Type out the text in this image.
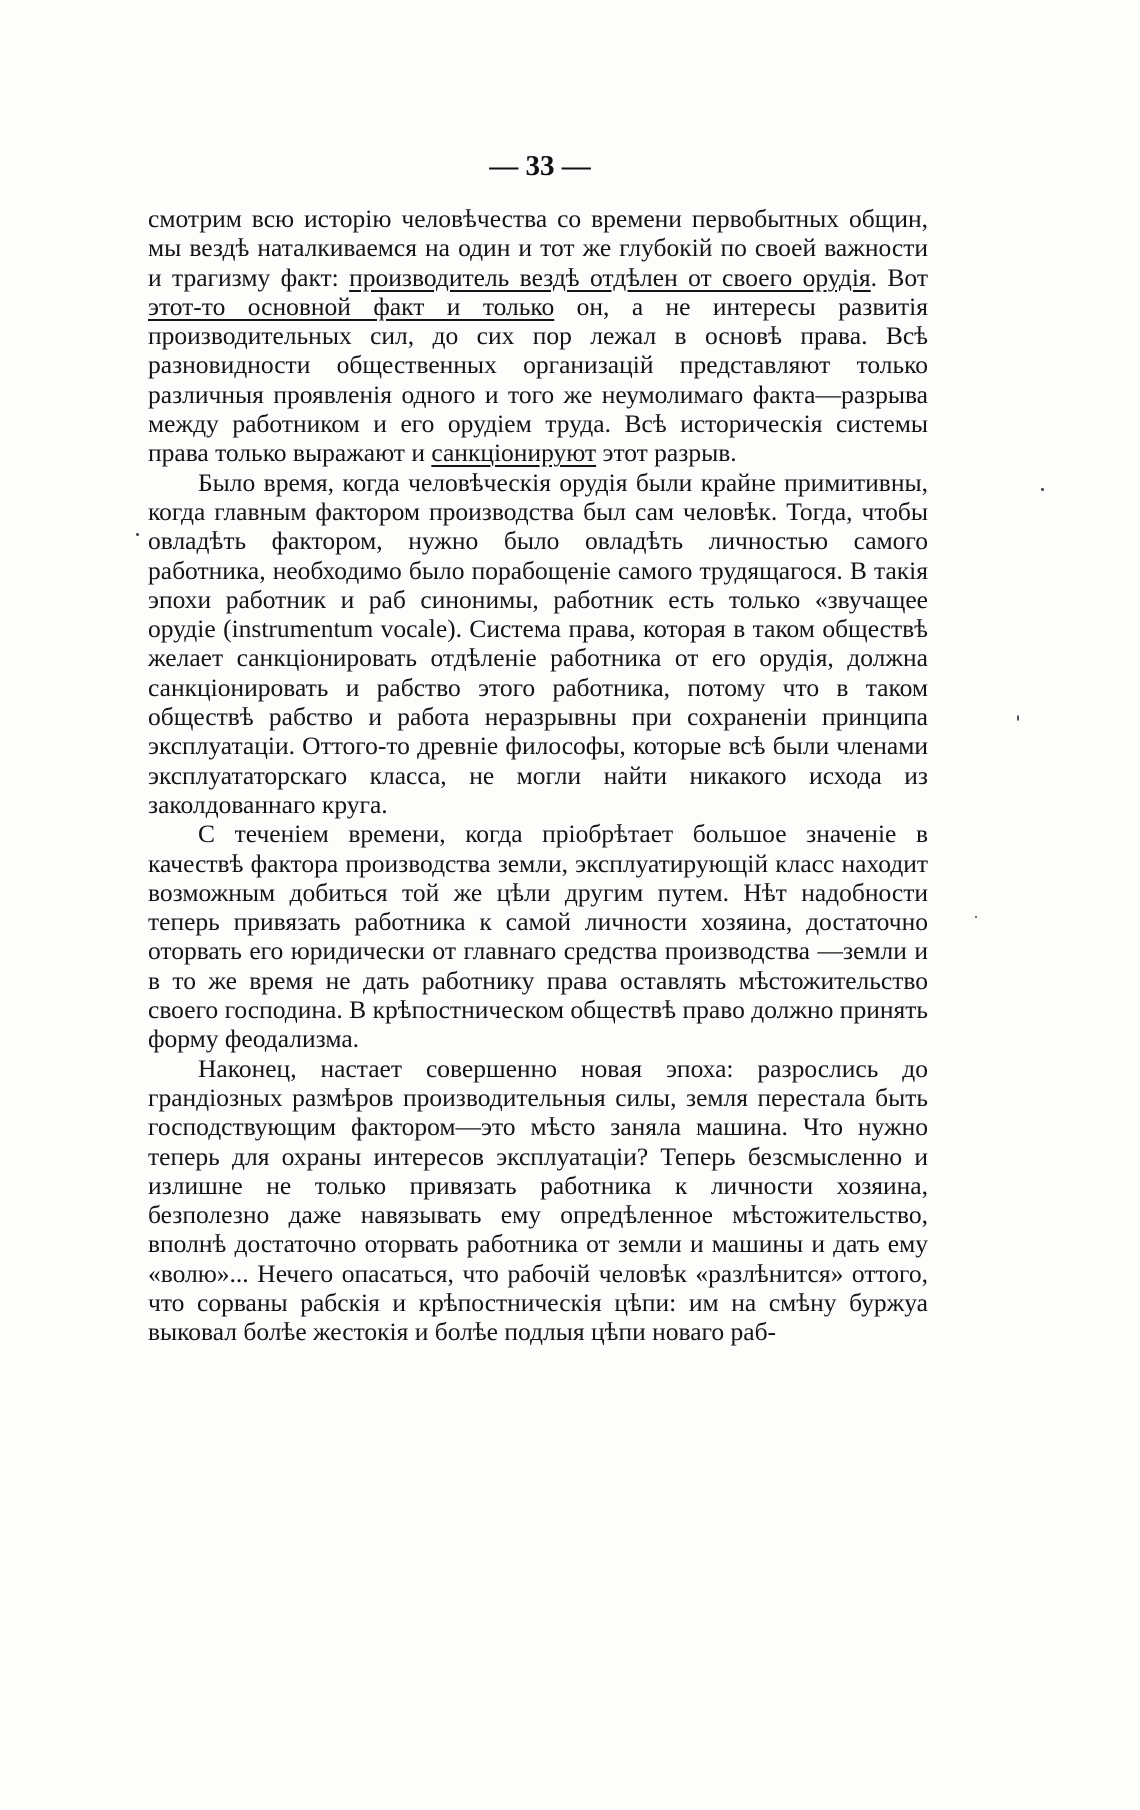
— 33 —

смотрим всю исторію человѣчества со времени первобытных общин, мы вездѣ наталкиваемся на один и тот же глубокій по своей важности и трагизму факт: производитель вездѣ отдѣлен от своего орудія. Вот этот-то основной факт и только он, а не интересы развитія производительных сил, до сих пор лежал в основѣ права. Всѣ разновидности общественных организацій представляют только различныя проявленія одного и того же неумолимаго факта—разрыва между работником и его орудіем труда. Всѣ историческія системы права только выражают и санкціонируют этот разрыв.

Было время, когда человѣческія орудія были крайне примитивны, когда главным фактором производства был сам человѣк. Тогда, чтобы овладѣть фактором, нужно было овладѣть личностью самого работника, необходимо было порабощеніе самого трудящагося. В такія эпохи работник и раб синонимы, работник есть только «звучащее орудіе (instrumentum vocale). Система права, которая в таком обществѣ желает санкціонировать отдѣленіе работника от его орудія, должна санкціонировать и рабство этого работника, потому что в таком обществѣ рабство и работа неразрывны при сохраненіи принципа эксплуатаціи. Оттого-то древніе философы, которые всѣ были членами эксплуататорскаго класса, не могли найти никакого исхода из заколдованнаго круга.

С теченіем времени, когда пріобрѣтает большое значеніе в качествѣ фактора производства земли, эксплуатирующій класс находит возможным добиться той же цѣли другим путем. Нѣт надобности теперь привязать работника к самой личности хозяина, достаточно оторвать его юридически от главнаго средства производства —земли и в то же время не дать работнику права оставлять мѣстожительство своего господина. В крѣпостническом обществѣ право должно принять форму феодализма.

Наконец, настает совершенно новая эпоха: разрослись до грандіозных размѣров производительныя силы, земля перестала быть господствующим фактором—это мѣсто заняла машина. Что нужно теперь для охраны интересов эксплуатаціи? Теперь безсмысленно и излишне не только привязать работника к личности хозяина, безполезно даже навязывать ему опредѣленное мѣстожительство, вполнѣ достаточно оторвать работника от земли и машины и дать ему «волю»... Нечего опасаться, что рабочій человѣк «разлѣнится» оттого, что сорваны рабскія и крѣпостническія цѣпи: им на смѣну буржуа выковал болѣе жестокія и болѣе подлыя цѣпи новаго раб-
